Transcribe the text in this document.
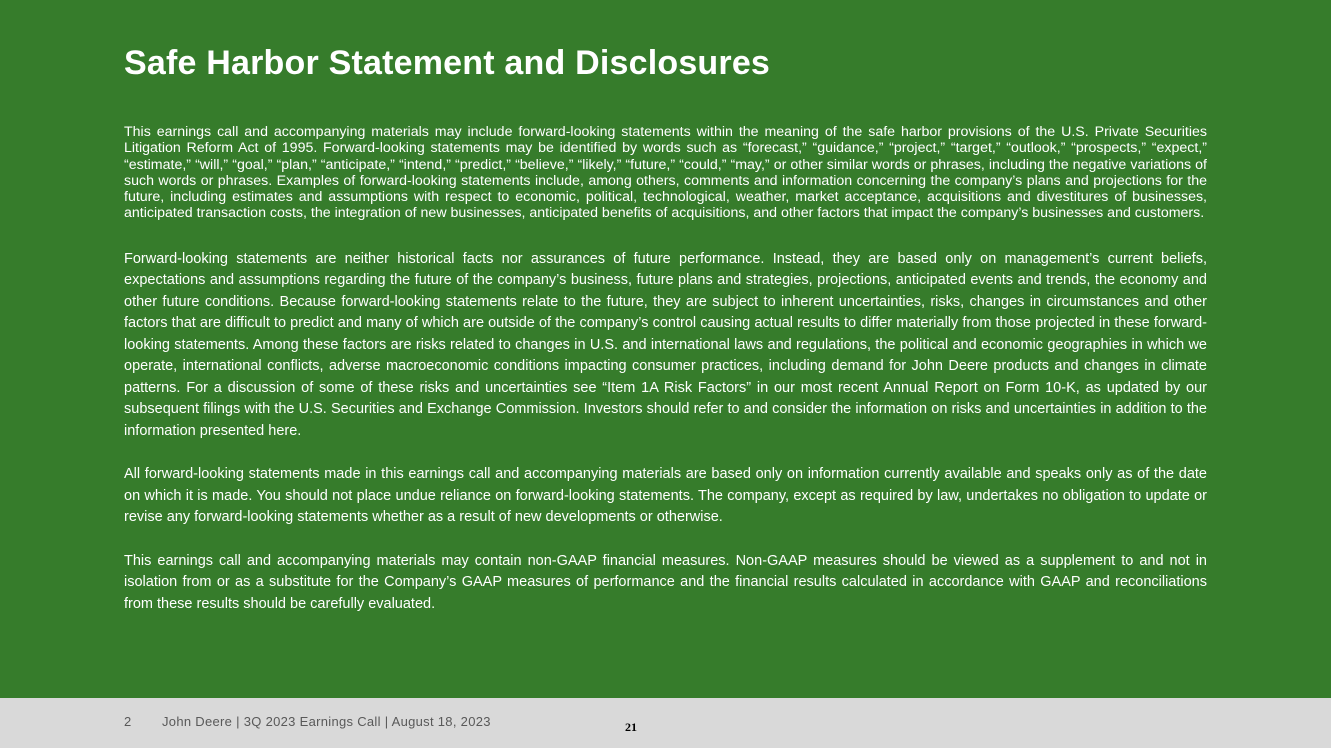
Safe Harbor Statement and Disclosures

This earnings call and accompanying materials may include forward-looking statements within the meaning of the safe harbor provisions of the U.S. Private Securities Litigation Reform Act of 1995. Forward-looking statements may be identified by words such as “forecast,” “guidance,” “project,” “target,” “outlook,” “prospects,” “expect,” “estimate,” “will,” “goal,” “plan,” “anticipate,” “intend,” “predict,” “believe,” “likely,” “future,” “could,” “may,” or other similar words or phrases, including the negative variations of such words or phrases. Examples of forward-looking statements include, among others, comments and information concerning the company’s plans and projections for the future, including estimates and assumptions with respect to economic, political, technological, weather, market acceptance, acquisitions and divestitures of businesses, anticipated transaction costs, the integration of new businesses, anticipated benefits of acquisitions, and other factors that impact the company’s businesses and customers.

Forward-looking statements are neither historical facts nor assurances of future performance. Instead, they are based only on management’s current beliefs, expectations and assumptions regarding the future of the company’s business, future plans and strategies, projections, anticipated events and trends, the economy and other future conditions. Because forward-looking statements relate to the future, they are subject to inherent uncertainties, risks, changes in circumstances and other factors that are difficult to predict and many of which are outside of the company’s control causing actual results to differ materially from those projected in these forward-looking statements. Among these factors are risks related to changes in U.S. and international laws and regulations, the political and economic geographies in which we operate, international conflicts, adverse macroeconomic conditions impacting consumer practices, including demand for John Deere products and changes in climate patterns. For a discussion of some of these risks and uncertainties see “Item 1A Risk Factors” in our most recent Annual Report on Form 10-K, as updated by our subsequent filings with the U.S. Securities and Exchange Commission. Investors should refer to and consider the information on risks and uncertainties in addition to the information presented here.

All forward-looking statements made in this earnings call and accompanying materials are based only on information currently available and speaks only as of the date on which it is made. You should not place undue reliance on forward-looking statements. The company, except as required by law, undertakes no obligation to update or revise any forward-looking statements whether as a result of new developments or otherwise.

This earnings call and accompanying materials may contain non-GAAP financial measures. Non-GAAP measures should be viewed as a supplement to and not in isolation from or as a substitute for the Company’s GAAP measures of performance and the financial results calculated in accordance with GAAP and reconciliations from these results should be carefully evaluated.

2 John Deere | 3Q 2023 Earnings Call | August 18, 2023	21
